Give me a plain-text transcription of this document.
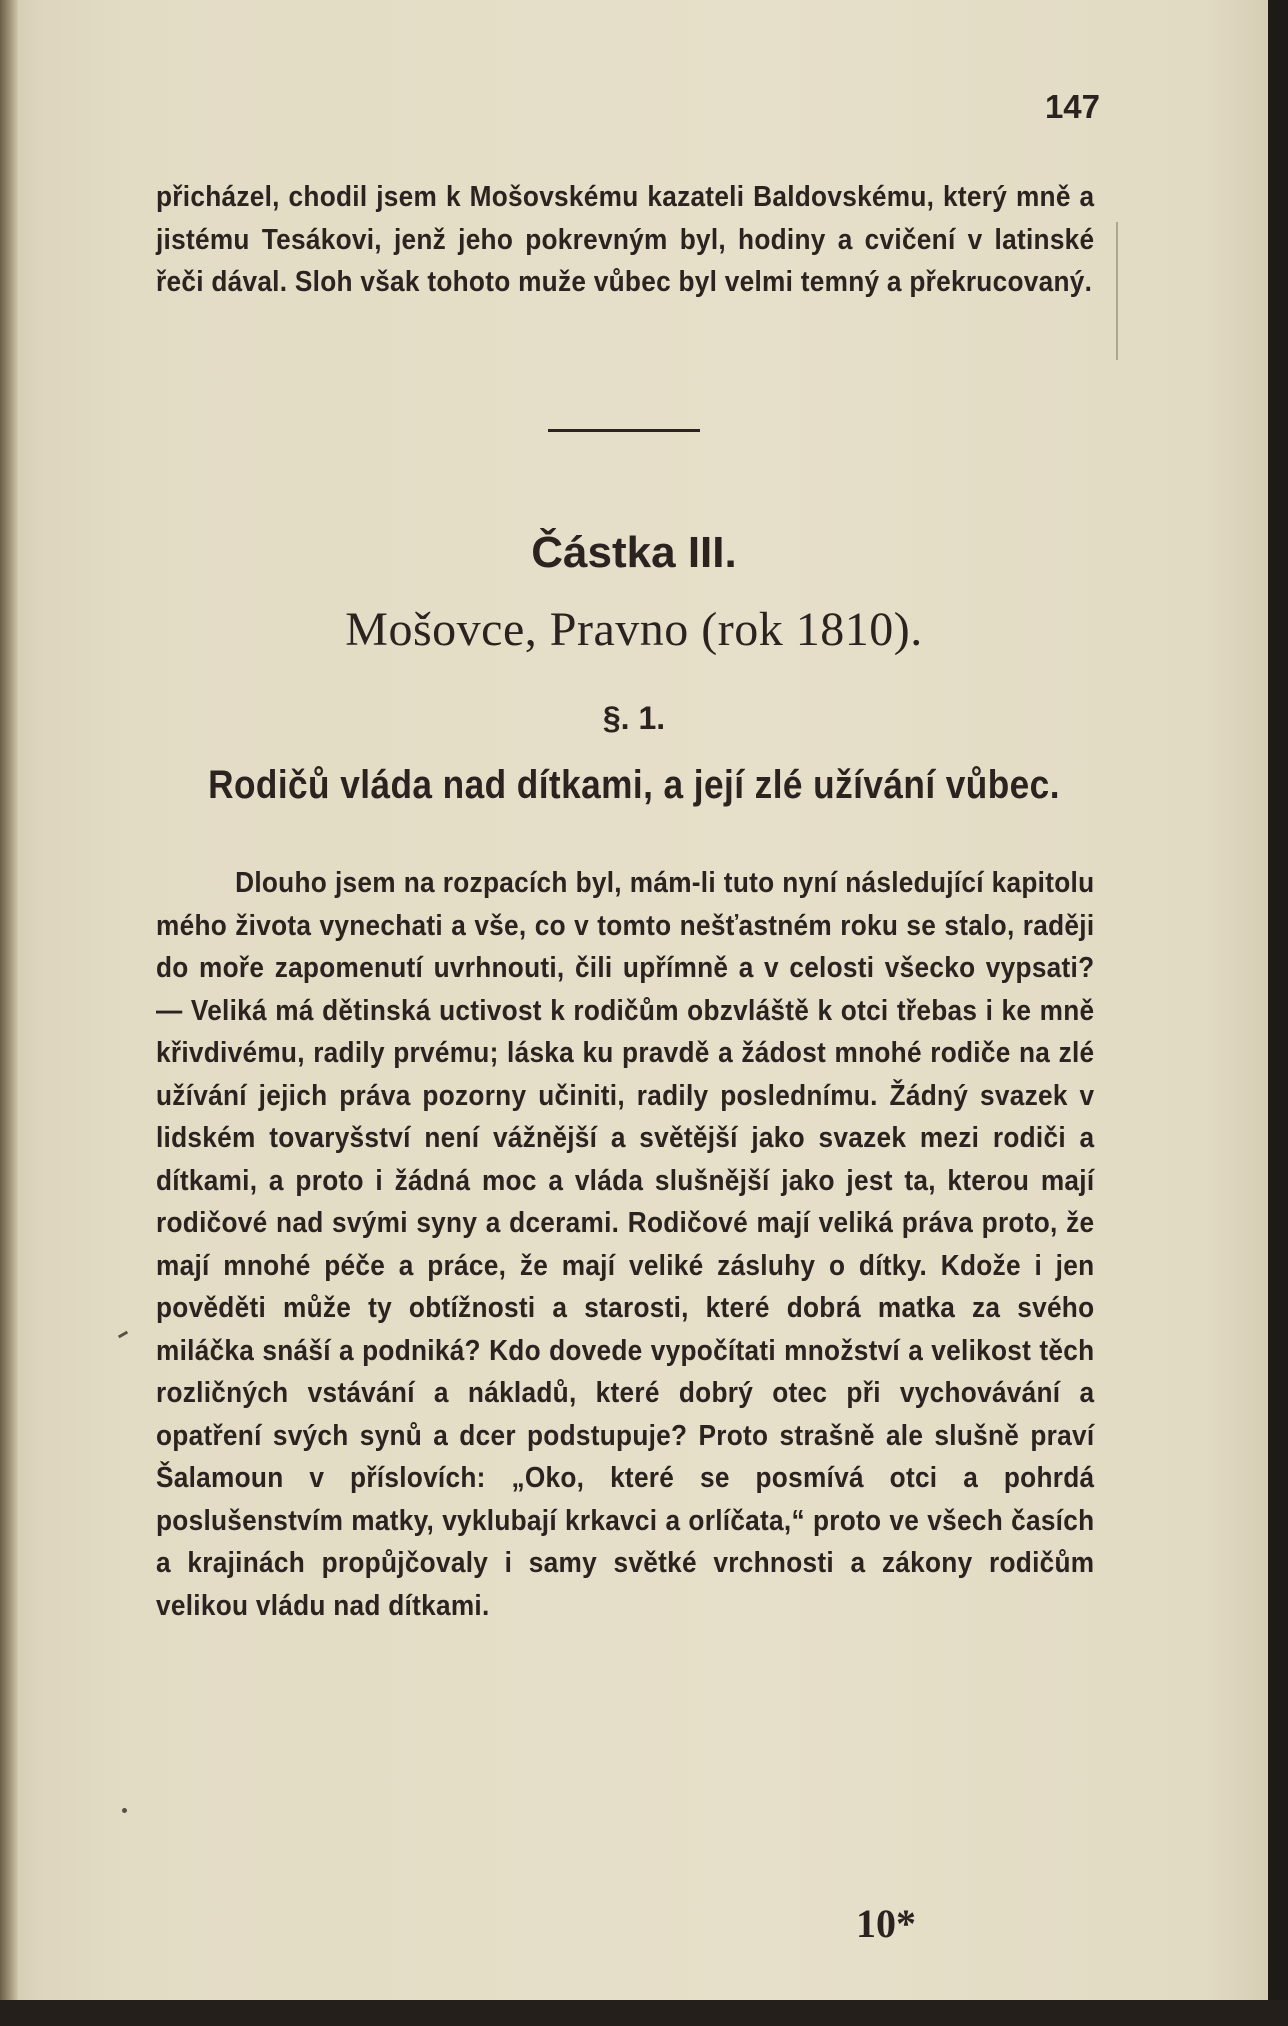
147
přicházel, chodil jsem k Mošovskému kazateli Baldovskému, který mně a jistému Tesákovi, jenž jeho pokrevným byl, hodiny a cvičení v latinské řeči dával. Sloh však tohoto muže vůbec byl velmi temný a překrucovaný.
Částka III.
Mošovce, Pravno (rok 1810).
§. 1.
Rodičů vláda nad dítkami, a její zlé užívání vůbec.
Dlouho jsem na rozpacích byl, mám-li tuto nyní následující kapitolu mého života vynechati a vše, co v tomto nešťastném roku se stalo, raději do moře zapomenutí uvrhnouti, čili upřímně a v celosti všecko vypsati? — Veliká má dětinská uctivost k rodičům obzvláště k otci třebas i ke mně křivdivému, radily prvému; láska ku pravdě a žádost mnohé rodiče na zlé užívání jejich práva pozorny učiniti, radily poslednímu. Žádný svazek v lidském tovaryšství není vážnější a světější jako svazek mezi rodiči a dítkami, a proto i žádná moc a vláda slušnější jako jest ta, kterou mají rodičové nad svými syny a dcerami. Rodičové mají veliká práva proto, že mají mnohé péče a práce, že mají veliké zásluhy o dítky. Kdože i jen pověděti může ty obtížnosti a starosti, které dobrá matka za svého miláčka snáší a podniká? Kdo dovede vypočítati množství a velikost těch rozličných vstávání a nákladů, které dobrý otec při vychovávání a opatření svých synů a dcer podstupuje? Proto strašně ale slušně praví Šalamoun v příslovích: „Oko, které se posmívá otci a pohrdá poslušenstvím matky, vyklubají krkavci a orlíčata,“ proto ve všech časích a krajinách propůjčovaly i samy světké vrchnosti a zákony rodičům velikou vládu nad dítkami.
10*
